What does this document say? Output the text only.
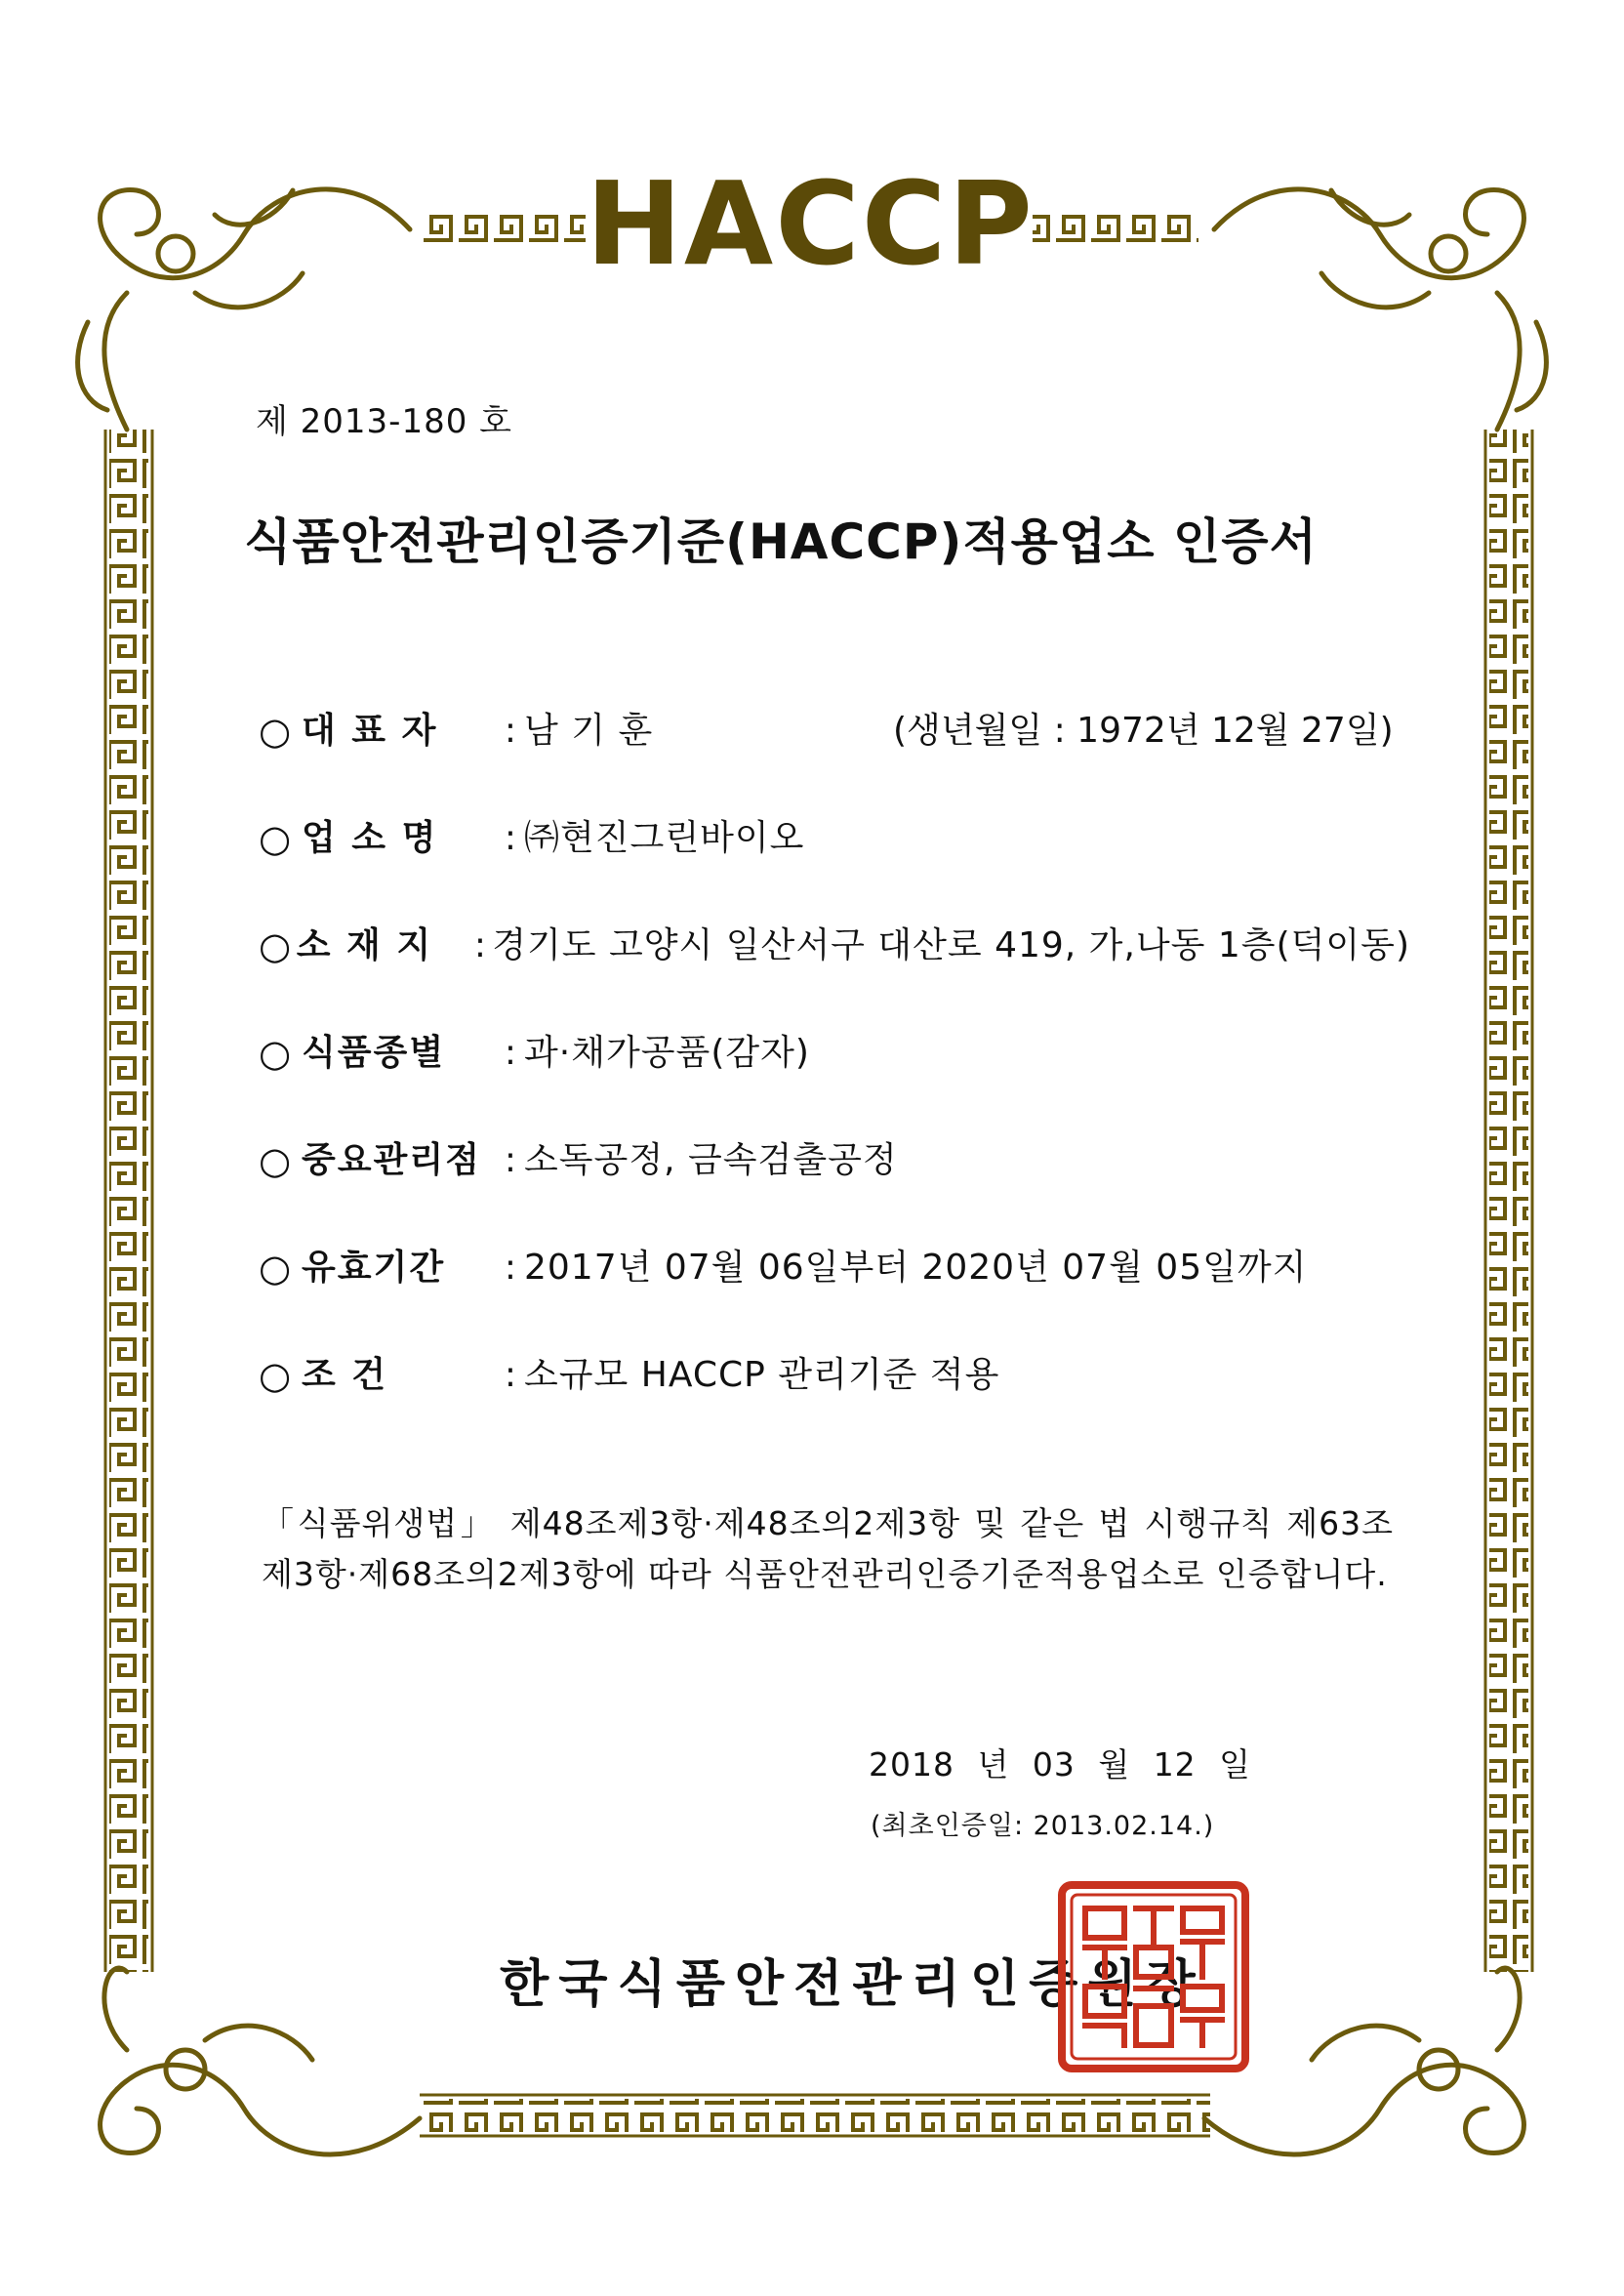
HACCP
제 2013-180 호
식품안전관리인증기준(HACCP)적용업소 인증서
○ 대 표 자	: 남 기 훈	(생년월일 : 1972년 12월 27일)
○ 업 소 명	: ㈜현진그린바이오
○ 소 재 지	: 경기도 고양시 일산서구 대산로 419, 가,나동 1층(덕이동)
○ 식품종별	: 과·채가공품(감자)
○ 중요관리점 : 소독공정, 금속검출공정
○ 유효기간	: 2017년 07월 06일부터 2020년 07월 05일까지
○ 조 건	: 소규모 HACCP 관리기준 적용
「식품위생법」 제48조제3항·제48조의2제3항 및 같은 법 시행규칙 제63조제3항·제68조의2제3항에 따라 식품안전관리인증기준적용업소로 인증합니다.
2018 년 03 월 12 일
(최초인증일: 2013.02.14.)
한국식품안전관리인증원장
